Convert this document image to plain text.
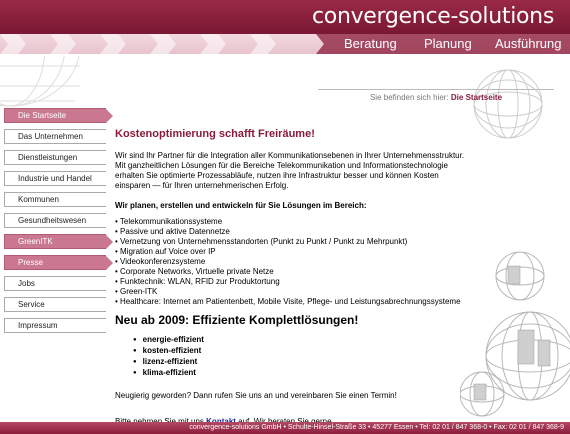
convergence-solutions
Beratung Planung Ausführung
Sie befinden sich hier: Die Startseite
Die Startseite
Das Unternehmen
Dienstleistungen
Industrie und Handel
Kommunen
Gesundheitswesen
GreenITK
Presse
Jobs
Service
Impressum
Kostenoptimierung schafft Freiräume!

Wir sind Ihr Partner für die Integration aller Kommunikationsebenen in Ihrer Unternehmensstruktur. Mit ganzheitlichen Lösungen für die Bereiche Telekommunikation und Informationstechnologie erhalten Sie optimierte Prozessabläufe, nutzen ihre Infrastruktur besser und können Kosten einsparen — für Ihren unternehmerischen Erfolg.

Wir planen, erstellen und entwickeln für Sie Lösungen im Bereich:

• Telekommunikationssysteme
• Passive und aktive Datennetze
• Vernetzung von Unternehmensstandorten (Punkt zu Punkt / Punkt zu Mehrpunkt)
• Migration auf Voice over IP
• Videokonferenzsysteme
• Corporate Networks, Virtuelle private Netze
• Funktechnik: WLAN, RFID zur Produktortung
• Green-ITK
• Healthcare: Internet am Patientenbett, Mobile Visite, Pflege- und Leistungsabrechnungssysteme
Neu ab 2009: Effiziente Komplettlösungen!
● energie-effizient
● kosten-effizient
● lizenz-effizient
● klima-effizient

Neugierig geworden? Dann rufen Sie uns an und vereinbaren Sie einen Termin!

convergence-solutions GmbH • Schulte-Hinsel-Straße 33 • 45277 Essen • Tel: 02 01 / 847 368-0 • Fax: 02 01 / 847 368-9
